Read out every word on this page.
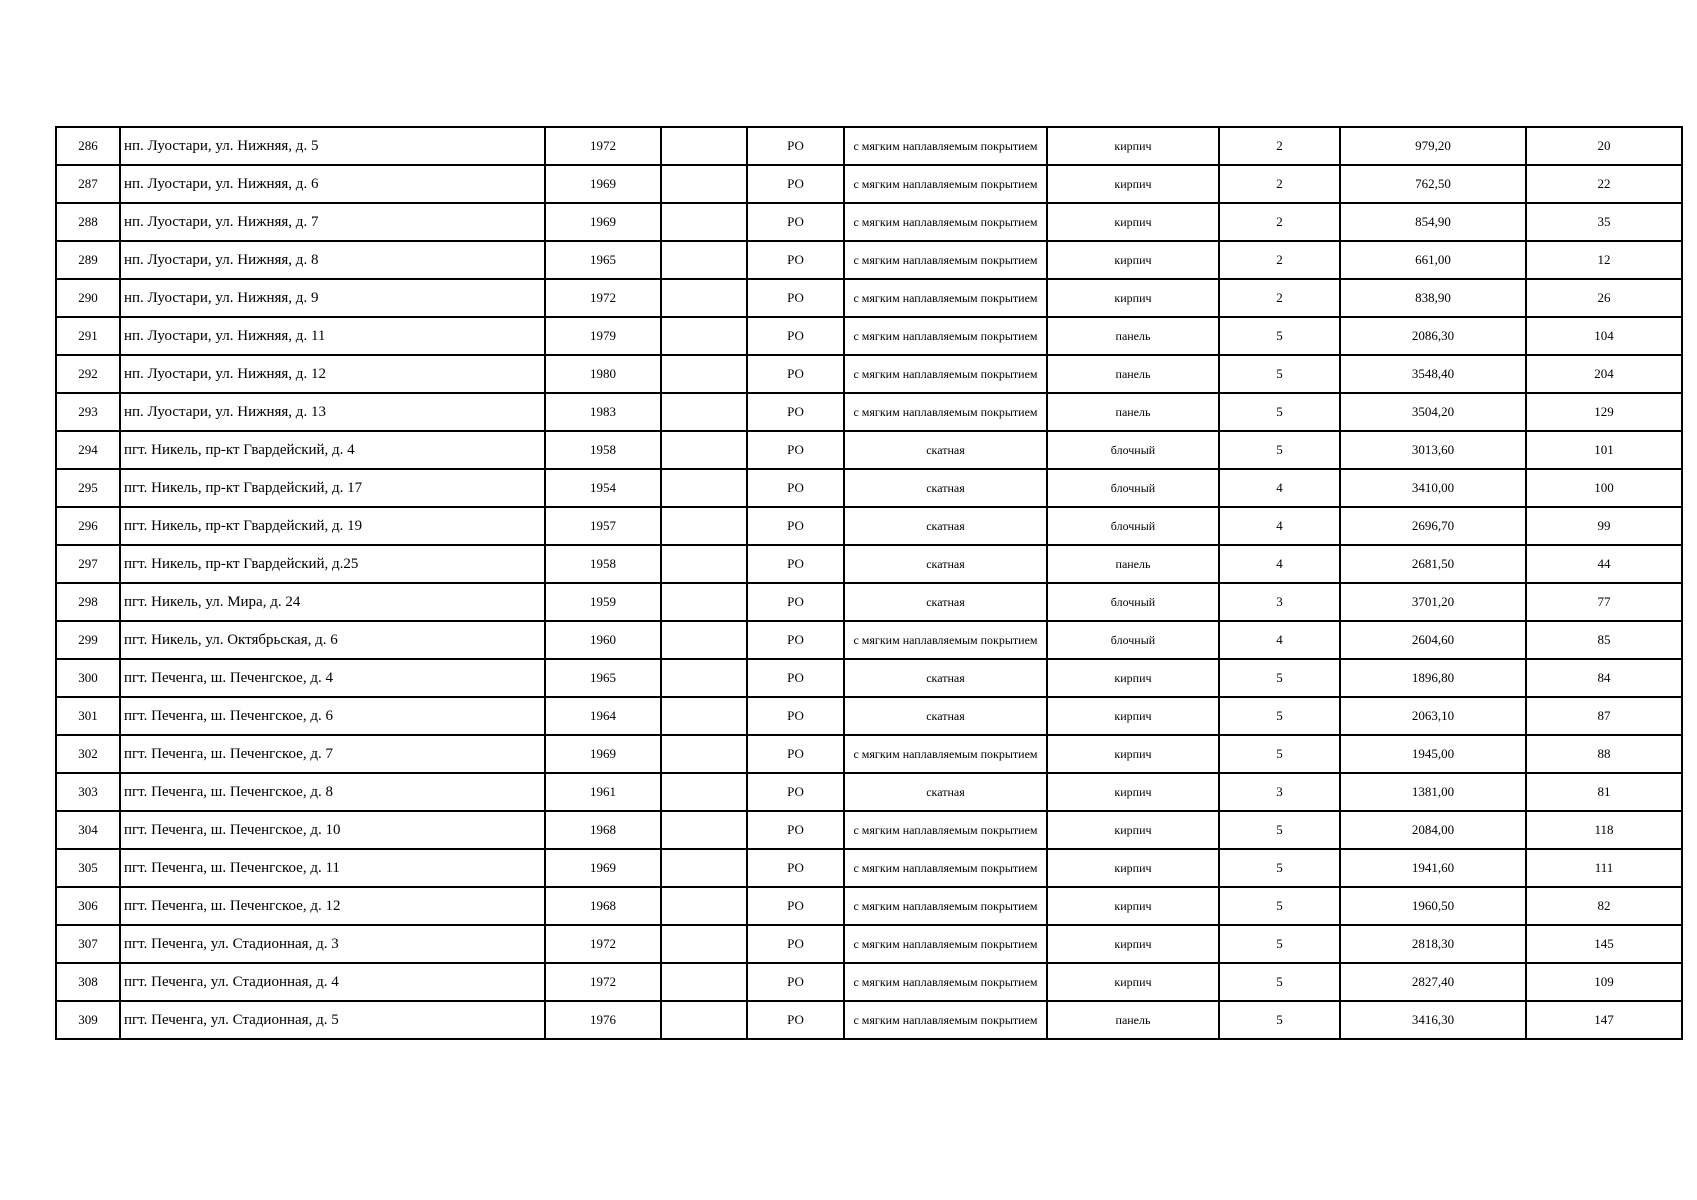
286	нп. Луостари, ул. Нижняя, д. 5	1972		РО	с мягким наплавляемым покрытием	кирпич	2	979,20	20
287	нп. Луостари, ул. Нижняя, д. 6	1969		РО	с мягким наплавляемым покрытием	кирпич	2	762,50	22
288	нп. Луостари, ул. Нижняя, д. 7	1969		РО	с мягким наплавляемым покрытием	кирпич	2	854,90	35
289	нп. Луостари, ул. Нижняя, д. 8	1965		РО	с мягким наплавляемым покрытием	кирпич	2	661,00	12
290	нп. Луостари, ул. Нижняя, д. 9	1972		РО	с мягким наплавляемым покрытием	кирпич	2	838,90	26
291	нп. Луостари, ул. Нижняя, д. 11	1979		РО	с мягким наплавляемым покрытием	панель	5	2086,30	104
292	нп. Луостари, ул. Нижняя, д. 12	1980		РО	с мягким наплавляемым покрытием	панель	5	3548,40	204
293	нп. Луостари, ул. Нижняя, д. 13	1983		РО	с мягким наплавляемым покрытием	панель	5	3504,20	129
294	пгт. Никель, пр-кт Гвардейский, д. 4	1958		РО	скатная	блочный	5	3013,60	101
295	пгт. Никель, пр-кт Гвардейский, д. 17	1954		РО	скатная	блочный	4	3410,00	100
296	пгт. Никель, пр-кт Гвардейский, д. 19	1957		РО	скатная	блочный	4	2696,70	99
297	пгт. Никель, пр-кт Гвардейский, д.25	1958		РО	скатная	панель	4	2681,50	44
298	пгт. Никель, ул. Мира, д. 24	1959		РО	скатная	блочный	3	3701,20	77
299	пгт. Никель, ул. Октябрьская, д. 6	1960		РО	с мягким наплавляемым покрытием	блочный	4	2604,60	85
300	пгт. Печенга, ш. Печенгское, д. 4	1965		РО	скатная	кирпич	5	1896,80	84
301	пгт. Печенга, ш. Печенгское, д. 6	1964		РО	скатная	кирпич	5	2063,10	87
302	пгт. Печенга, ш. Печенгское, д. 7	1969		РО	с мягким наплавляемым покрытием	кирпич	5	1945,00	88
303	пгт. Печенга, ш. Печенгское, д. 8	1961		РО	скатная	кирпич	3	1381,00	81
304	пгт. Печенга, ш. Печенгское, д. 10	1968		РО	с мягким наплавляемым покрытием	кирпич	5	2084,00	118
305	пгт. Печенга, ш. Печенгское, д. 11	1969		РО	с мягким наплавляемым покрытием	кирпич	5	1941,60	111
306	пгт. Печенга, ш. Печенгское, д. 12	1968		РО	с мягким наплавляемым покрытием	кирпич	5	1960,50	82
307	пгт. Печенга, ул. Стадионная, д. 3	1972		РО	с мягким наплавляемым покрытием	кирпич	5	2818,30	145
308	пгт. Печенга, ул. Стадионная, д. 4	1972		РО	с мягким наплавляемым покрытием	кирпич	5	2827,40	109
309	пгт. Печенга, ул. Стадионная, д. 5	1976		РО	с мягким наплавляемым покрытием	панель	5	3416,30	147
